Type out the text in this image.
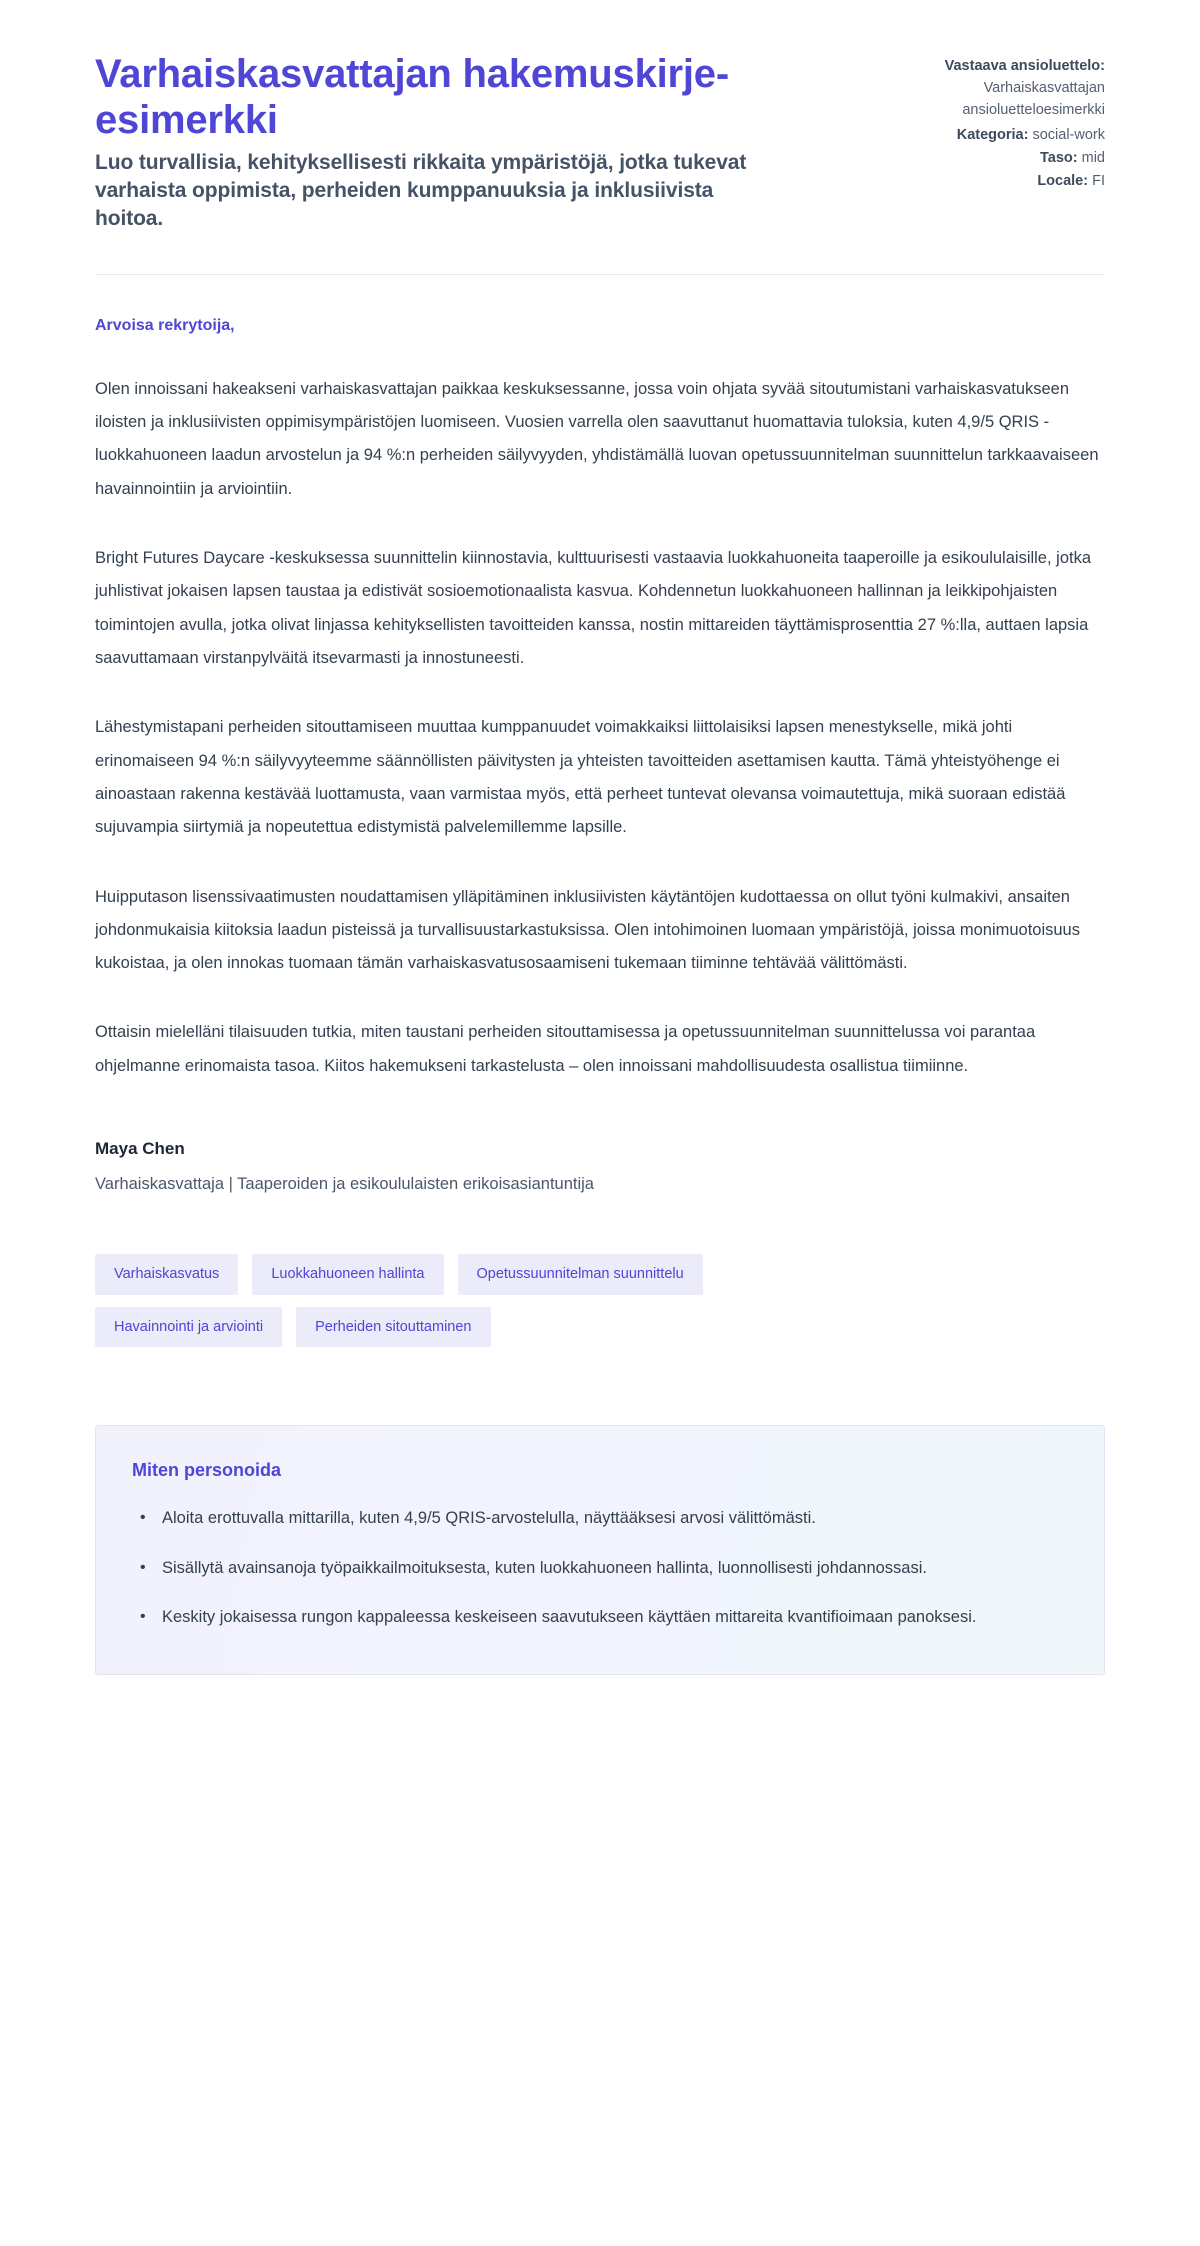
Varhaiskasvattajan hakemuskirje-esimerkki

Luo turvallisia, kehityksellisesti rikkaita ympäristöjä, jotka tukevat varhaista oppimista, perheiden kumppanuuksia ja inklusiivista hoitoa.

Vastaava ansioluettelo:
Varhaiskasvattajan ansioluetteloesimerkki
Kategoria: social-work
Taso: mid
Locale: FI

Arvoisa rekrytoija,

Olen innoissani hakeakseni varhaiskasvattajan paikkaa keskuksessanne, jossa voin ohjata syvää sitoutumistani varhaiskasvatukseen iloisten ja inklusiivisten oppimisympäristöjen luomiseen. Vuosien varrella olen saavuttanut huomattavia tuloksia, kuten 4,9/5 QRIS -luokkahuoneen laadun arvostelun ja 94 %:n perheiden säilyvyyden, yhdistämällä luovan opetussuunnitelman suunnittelun tarkkaavaiseen havainnointiin ja arviointiin.

Bright Futures Daycare -keskuksessa suunnittelin kiinnostavia, kulttuurisesti vastaavia luokkahuoneita taaperoille ja esikoululaisille, jotka juhlistivat jokaisen lapsen taustaa ja edistivät sosioemotionaalista kasvua. Kohdennetun luokkahuoneen hallinnan ja leikkipohjaisten toimintojen avulla, jotka olivat linjassa kehityksellisten tavoitteiden kanssa, nostin mittareiden täyttämisprosenttia 27 %:lla, auttaen lapsia saavuttamaan virstanpylväitä itsevarmasti ja innostuneesti.

Lähestymistapani perheiden sitouttamiseen muuttaa kumppanuudet voimakkaiksi liittolaisiksi lapsen menestykselle, mikä johti erinomaiseen 94 %:n säilyvyyteemme säännöllisten päivitysten ja yhteisten tavoitteiden asettamisen kautta. Tämä yhteistyöhenge ei ainoastaan rakenna kestävää luottamusta, vaan varmistaa myös, että perheet tuntevat olevansa voimautettuja, mikä suoraan edistää sujuvampia siirtymiä ja nopeutettua edistymistä palvelemillemme lapsille.

Huipputason lisenssivaatimusten noudattamisen ylläpitäminen inklusiivisten käytäntöjen kudottaessa on ollut työni kulmakivi, ansaiten johdonmukaisia kiitoksia laadun pisteissä ja turvallisuustarkastuksissa. Olen intohimoinen luomaan ympäristöjä, joissa monimuotoisuus kukoistaa, ja olen innokas tuomaan tämän varhaiskasvatusosaamiseni tukemaan tiiminne tehtävää välittömästi.

Ottaisin mielelläni tilaisuuden tutkia, miten taustani perheiden sitouttamisessa ja opetussuunnitelman suunnittelussa voi parantaa ohjelmanne erinomaista tasoa. Kiitos hakemukseni tarkastelusta – olen innoissani mahdollisuudesta osallistua tiimiinne.

Maya Chen

Varhaiskasvattaja | Taaperoiden ja esikoululaisten erikoisasiantuntija

Varhaiskasvatus	Luokkahuoneen hallinta	Opetussuunnitelman suunnittelu
Havainnointi ja arviointi	Perheiden sitouttaminen

Miten personoida

• Aloita erottuvalla mittarilla, kuten 4,9/5 QRIS-arvostelulla, näyttääksesi arvosi välittömästi.
• Sisällytä avainsanoja työpaikkailmoituksesta, kuten luokkahuoneen hallinta, luonnollisesti johdannossasi.
• Keskity jokaisessa rungon kappaleessa keskeiseen saavutukseen käyttäen mittareita kvantifioimaan panoksesi.
